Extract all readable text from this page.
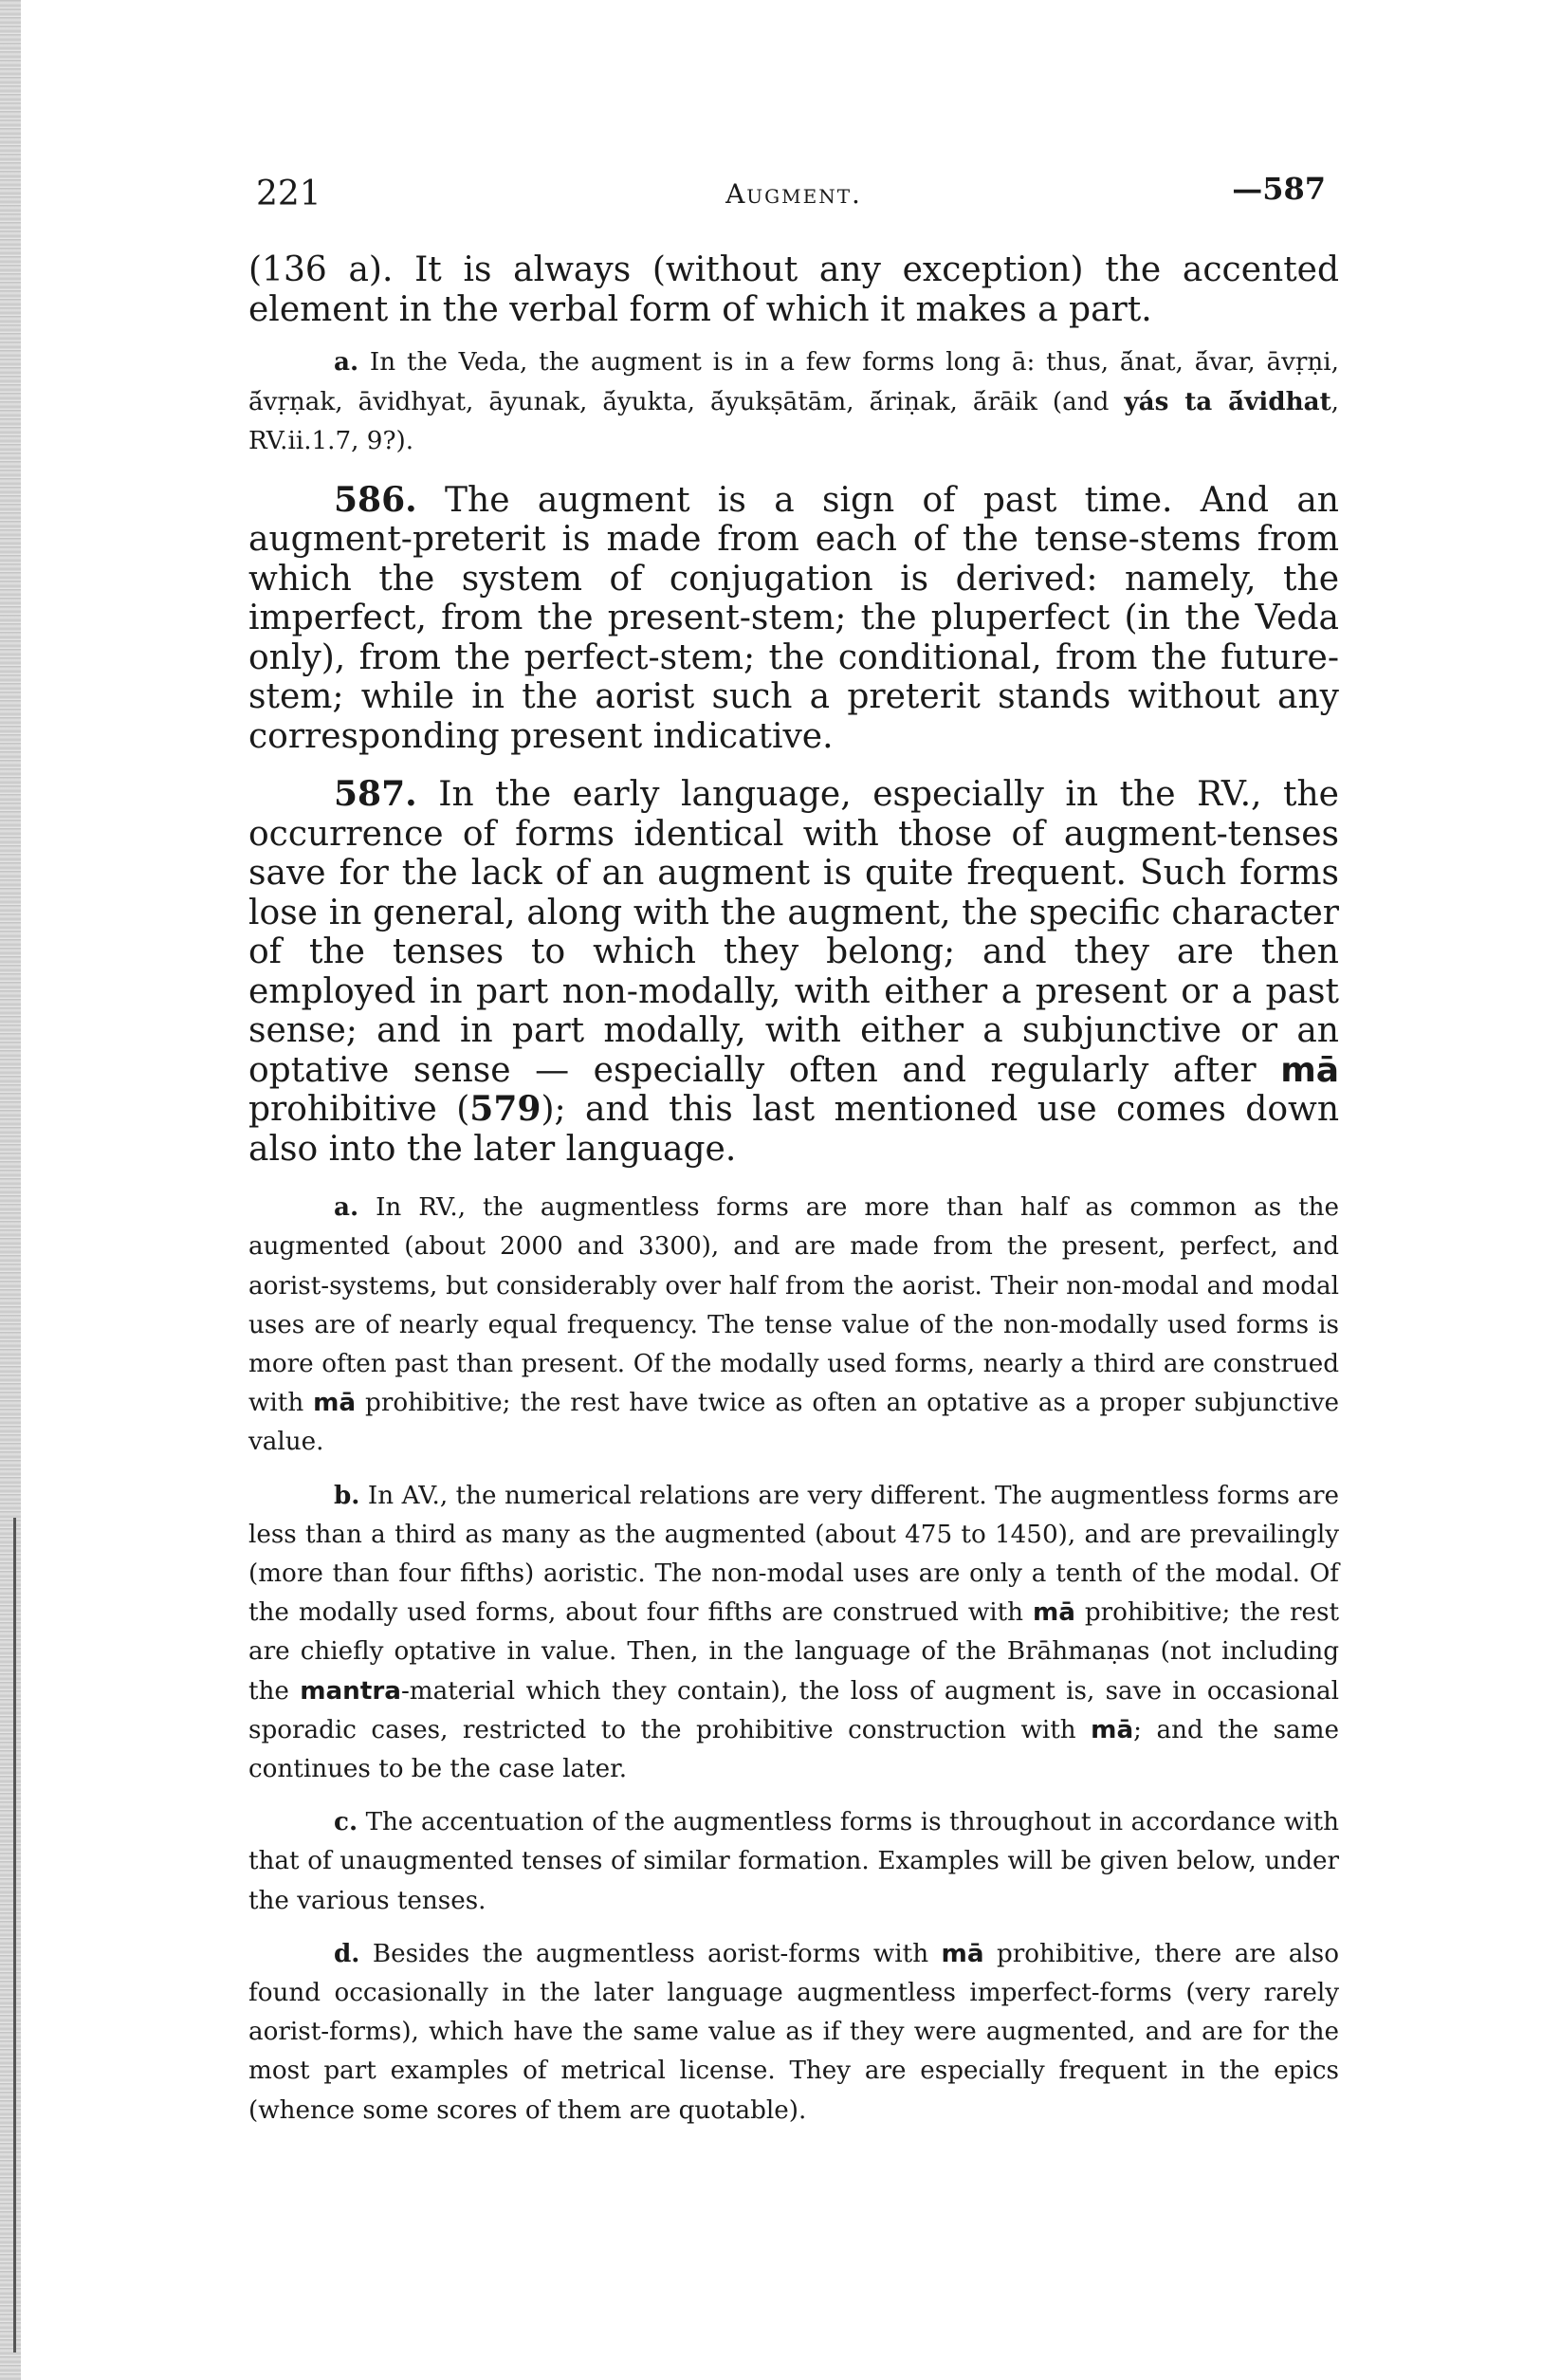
221	Augment.	—587

(136 a). It is always (without any exception) the accented element in the verbal form of which it makes a part.

a. In the Veda, the augment is in a few forms long ā: thus, ā́nat, ā́var, āvṛṇi, ā́vṛṇak, āvidhyat, āyunak, ā́yukta, ā́yukṣātām, ā́riṇak, ā́rāik (and yás ta ā́vidhat, RV.ii.1.7, 9?).

586. The augment is a sign of past time. And an augment-preterit is made from each of the tense-stems from which the system of conjugation is derived: namely, the imperfect, from the present-stem; the pluperfect (in the Veda only), from the perfect-stem; the conditional, from the future-stem; while in the aorist such a preterit stands without any corresponding present indicative.

587. In the early language, especially in the RV., the occurrence of forms identical with those of augment-tenses save for the lack of an augment is quite frequent. Such forms lose in general, along with the augment, the specific character of the tenses to which they belong; and they are then employed in part non-modally, with either a present or a past sense; and in part modally, with either a subjunctive or an optative sense — especially often and regularly after mā prohibitive (579); and this last mentioned use comes down also into the later language.

a. In RV., the augmentless forms are more than half as common as the augmented (about 2000 and 3300), and are made from the present, perfect, and aorist-systems, but considerably over half from the aorist. Their non-modal and modal uses are of nearly equal frequency. The tense value of the non-modally used forms is more often past than present. Of the modally used forms, nearly a third are construed with mā prohibitive; the rest have twice as often an optative as a proper subjunctive value.

b. In AV., the numerical relations are very different. The augmentless forms are less than a third as many as the augmented (about 475 to 1450), and are prevailingly (more than four fifths) aoristic. The non-modal uses are only a tenth of the modal. Of the modally used forms, about four fifths are construed with mā prohibitive; the rest are chiefly optative in value. Then, in the language of the Brāhmaṇas (not including the mantra-material which they contain), the loss of augment is, save in occasional sporadic cases, restricted to the prohibitive construction with mā; and the same continues to be the case later.

c. The accentuation of the augmentless forms is throughout in accordance with that of unaugmented tenses of similar formation. Examples will be given below, under the various tenses.

d. Besides the augmentless aorist-forms with mā prohibitive, there are also found occasionally in the later language augmentless imperfect-forms (very rarely aorist-forms), which have the same value as if they were augmented, and are for the most part examples of metrical license. They are especially frequent in the epics (whence some scores of them are quotable).
